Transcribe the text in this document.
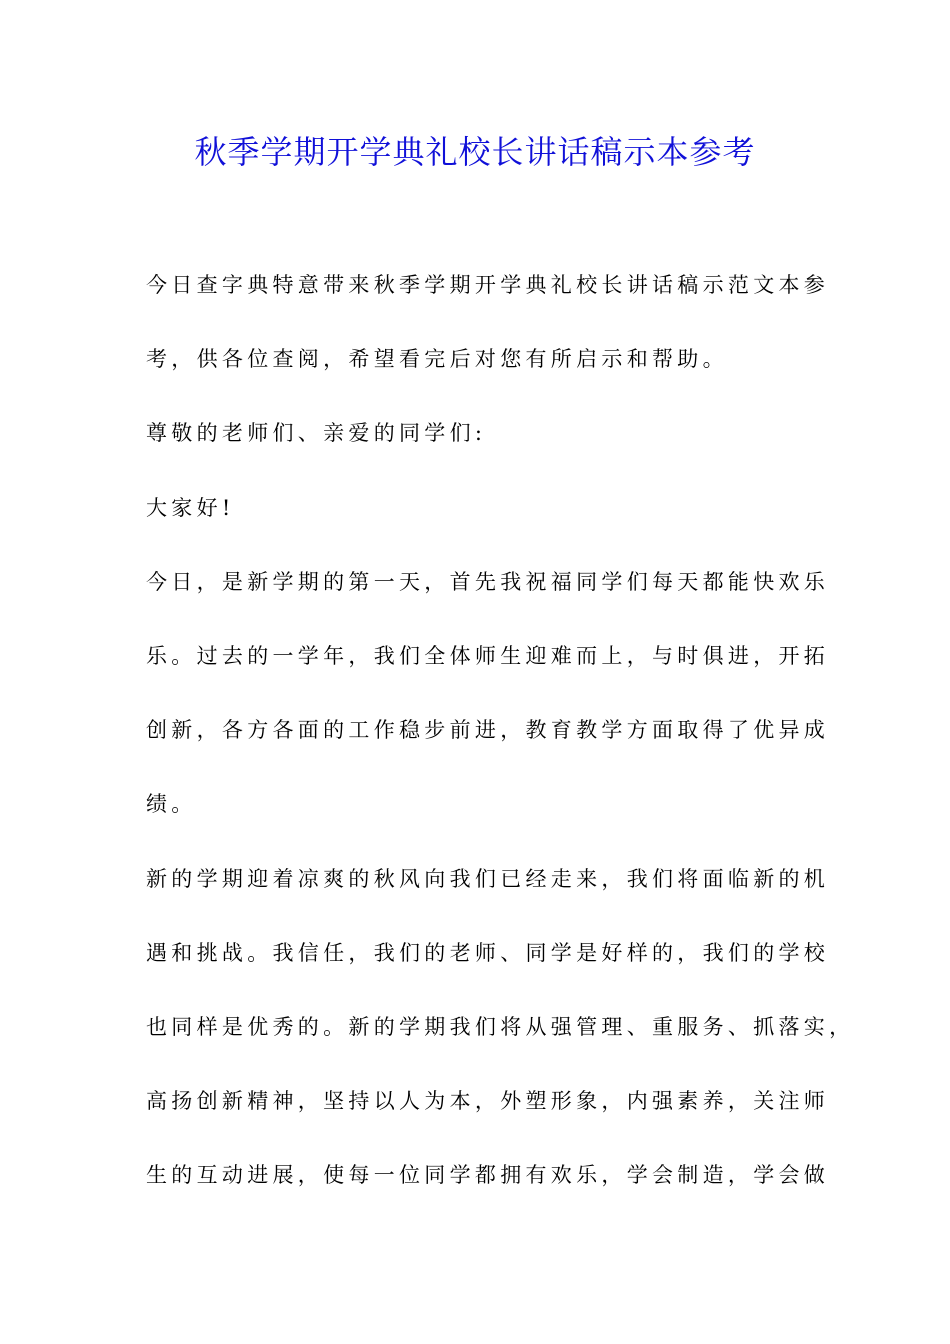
秋季学期开学典礼校长讲话稿示本参考
今日查字典特意带来秋季学期开学典礼校长讲话稿示范文本参
考，供各位查阅，希望看完后对您有所启示和帮助。
尊敬的老师们、亲爱的同学们:
大家好!
今日，是新学期的第一天，首先我祝福同学们每天都能快欢乐
乐。过去的一学年，我们全体师生迎难而上，与时俱进，开拓
创新，各方各面的工作稳步前进，教育教学方面取得了优异成
绩。
新的学期迎着凉爽的秋风向我们已经走来，我们将面临新的机
遇和挑战。我信任，我们的老师、同学是好样的，我们的学校
也同样是优秀的。新的学期我们将从强管理、重服务、抓落实，
高扬创新精神，坚持以人为本，外塑形象，内强素养，关注师
生的互动进展，使每一位同学都拥有欢乐，学会制造，学会做
